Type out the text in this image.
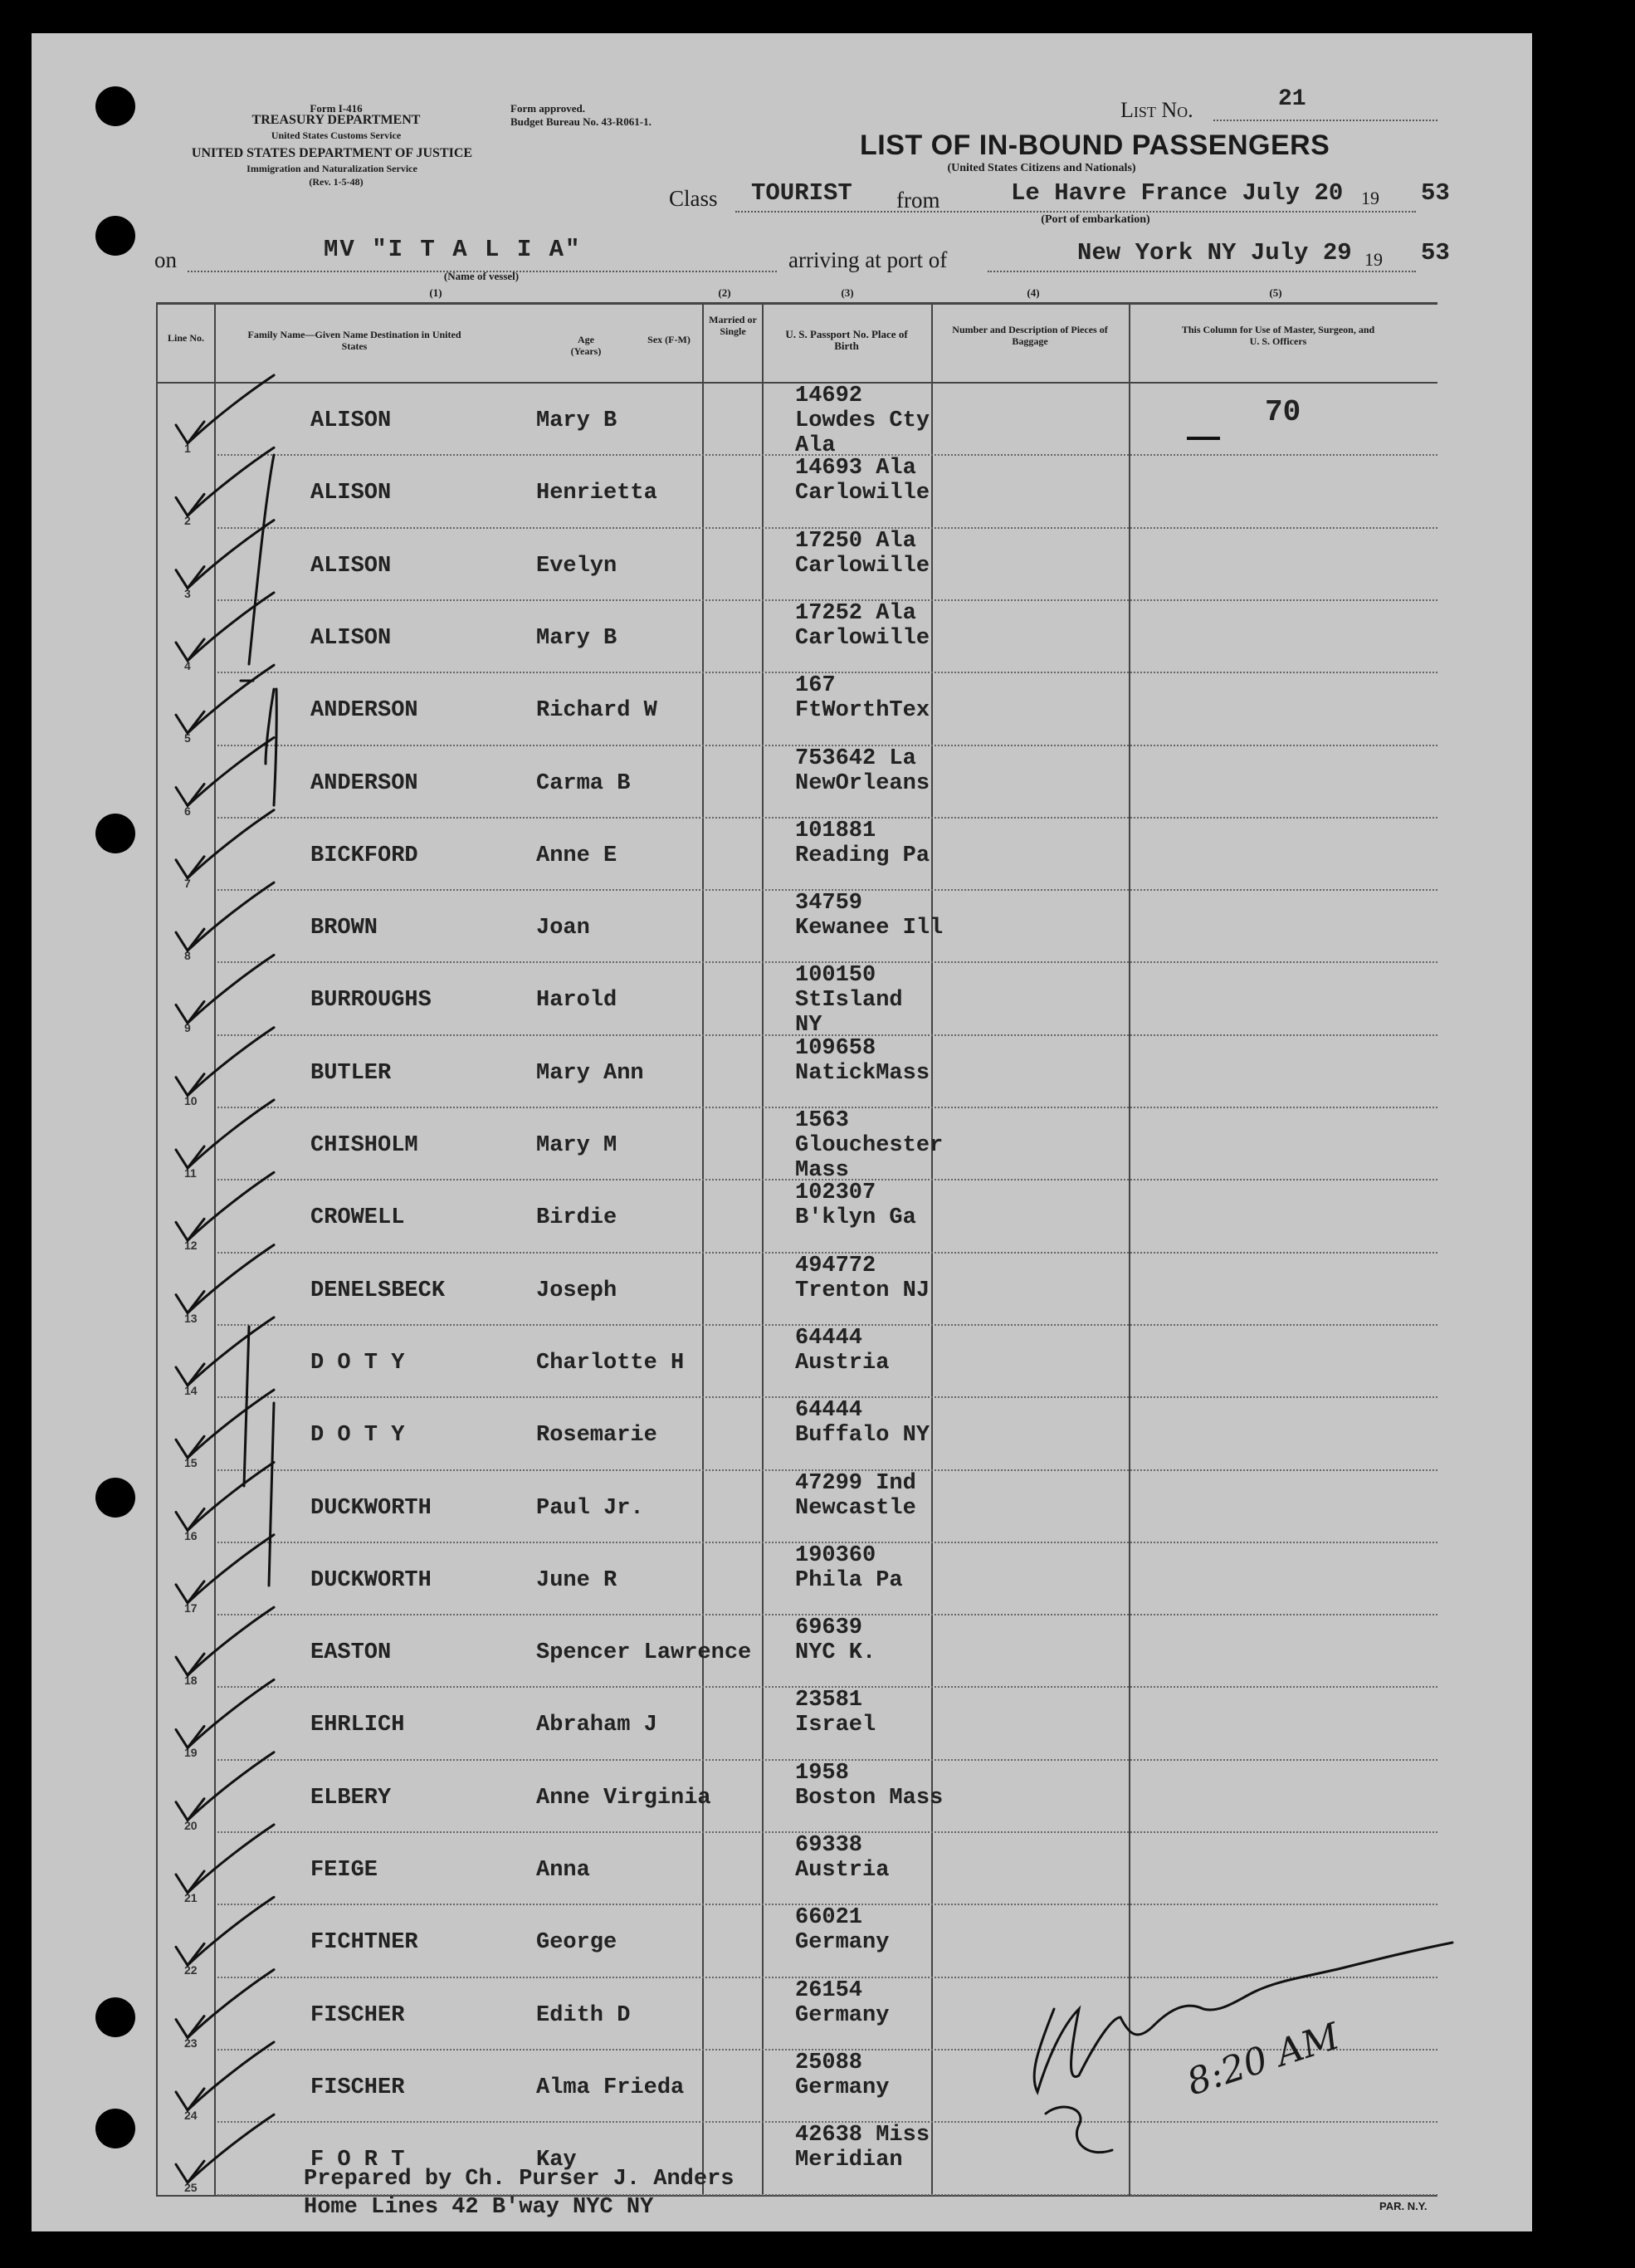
Form I-416
TREASURY DEPARTMENT
United States Customs Service
UNITED STATES DEPARTMENT OF JUSTICE
Immigration and Naturalization Service
(Rev. 1-5-48)
Form approved.
Budget Bureau No. 43-R061-1.	List No.	21
LIST OF IN-BOUND PASSENGERS
(United States Citizens and Nationals)
Class TOURIST from	Le Havre France July 20 19 53
(Port of embarkation)
on	MV "I T A L I A"
(Name of vessel)
arriving at port of	New York NY July 29 19 53
(1)	(2)	(3)	(4)	(5)
Line No.	Family Name—Given Name Destination in United States
Age (Years)
Sex (F-M)
Married or Single	U. S. Passport No. Place of Birth
Number and Description of Pieces of Baggage
This Column for Use of Master, Surgeon, and U. S. Officers
1
ALISON	Mary B
14692
Lowdes Cty
Ala
2
ALISON	Henrietta
14693 Ala
Carlowille
3
ALISON	Evelyn
17250 Ala
Carlowille
4
ALISON	Mary B
17252 Ala
Carlowille
5
ANDERSON	Richard W
167
FtWorthTex
6
ANDERSON	Carma B
753642 La
NewOrleans
7
BICKFORD	Anne E
101881
Reading Pa
8
BROWN	Joan
34759
Kewanee Ill
9
BURROUGHS	Harold
100150
StIsland
NY
10
BUTLER	Mary Ann
109658
NatickMass
11
CHISHOLM	Mary M
1563
Glouchester
Mass
12
CROWELL	Birdie
102307
B'klyn Ga
13
DENELSBECK	Joseph
494772
Trenton NJ
14
D O T Y	Charlotte H
64444
Austria
15
D O T Y	Rosemarie
64444
Buffalo NY
16
DUCKWORTH	Paul Jr.
47299 Ind
Newcastle
17
DUCKWORTH	June R
190360
Phila Pa
18
EASTON	Spencer Lawrence
69639
NYC K.
19
EHRLICH	Abraham J
23581
Israel
20
ELBERY	Anne Virginia
1958
Boston Mass
21
FEIGE	Anna
69338
Austria
22
FICHTNER	George
66021
Germany
23
FISCHER	Edith D
26154
Germany
24
FISCHER	Alma Frieda
25088
Germany
25
F O R T	Kay
42638 Miss
Meridian
70
Prepared by Ch. Purser J. Anders
Home Lines 42 B'way NYC NY	PAR. N.Y.
8:20 AM
